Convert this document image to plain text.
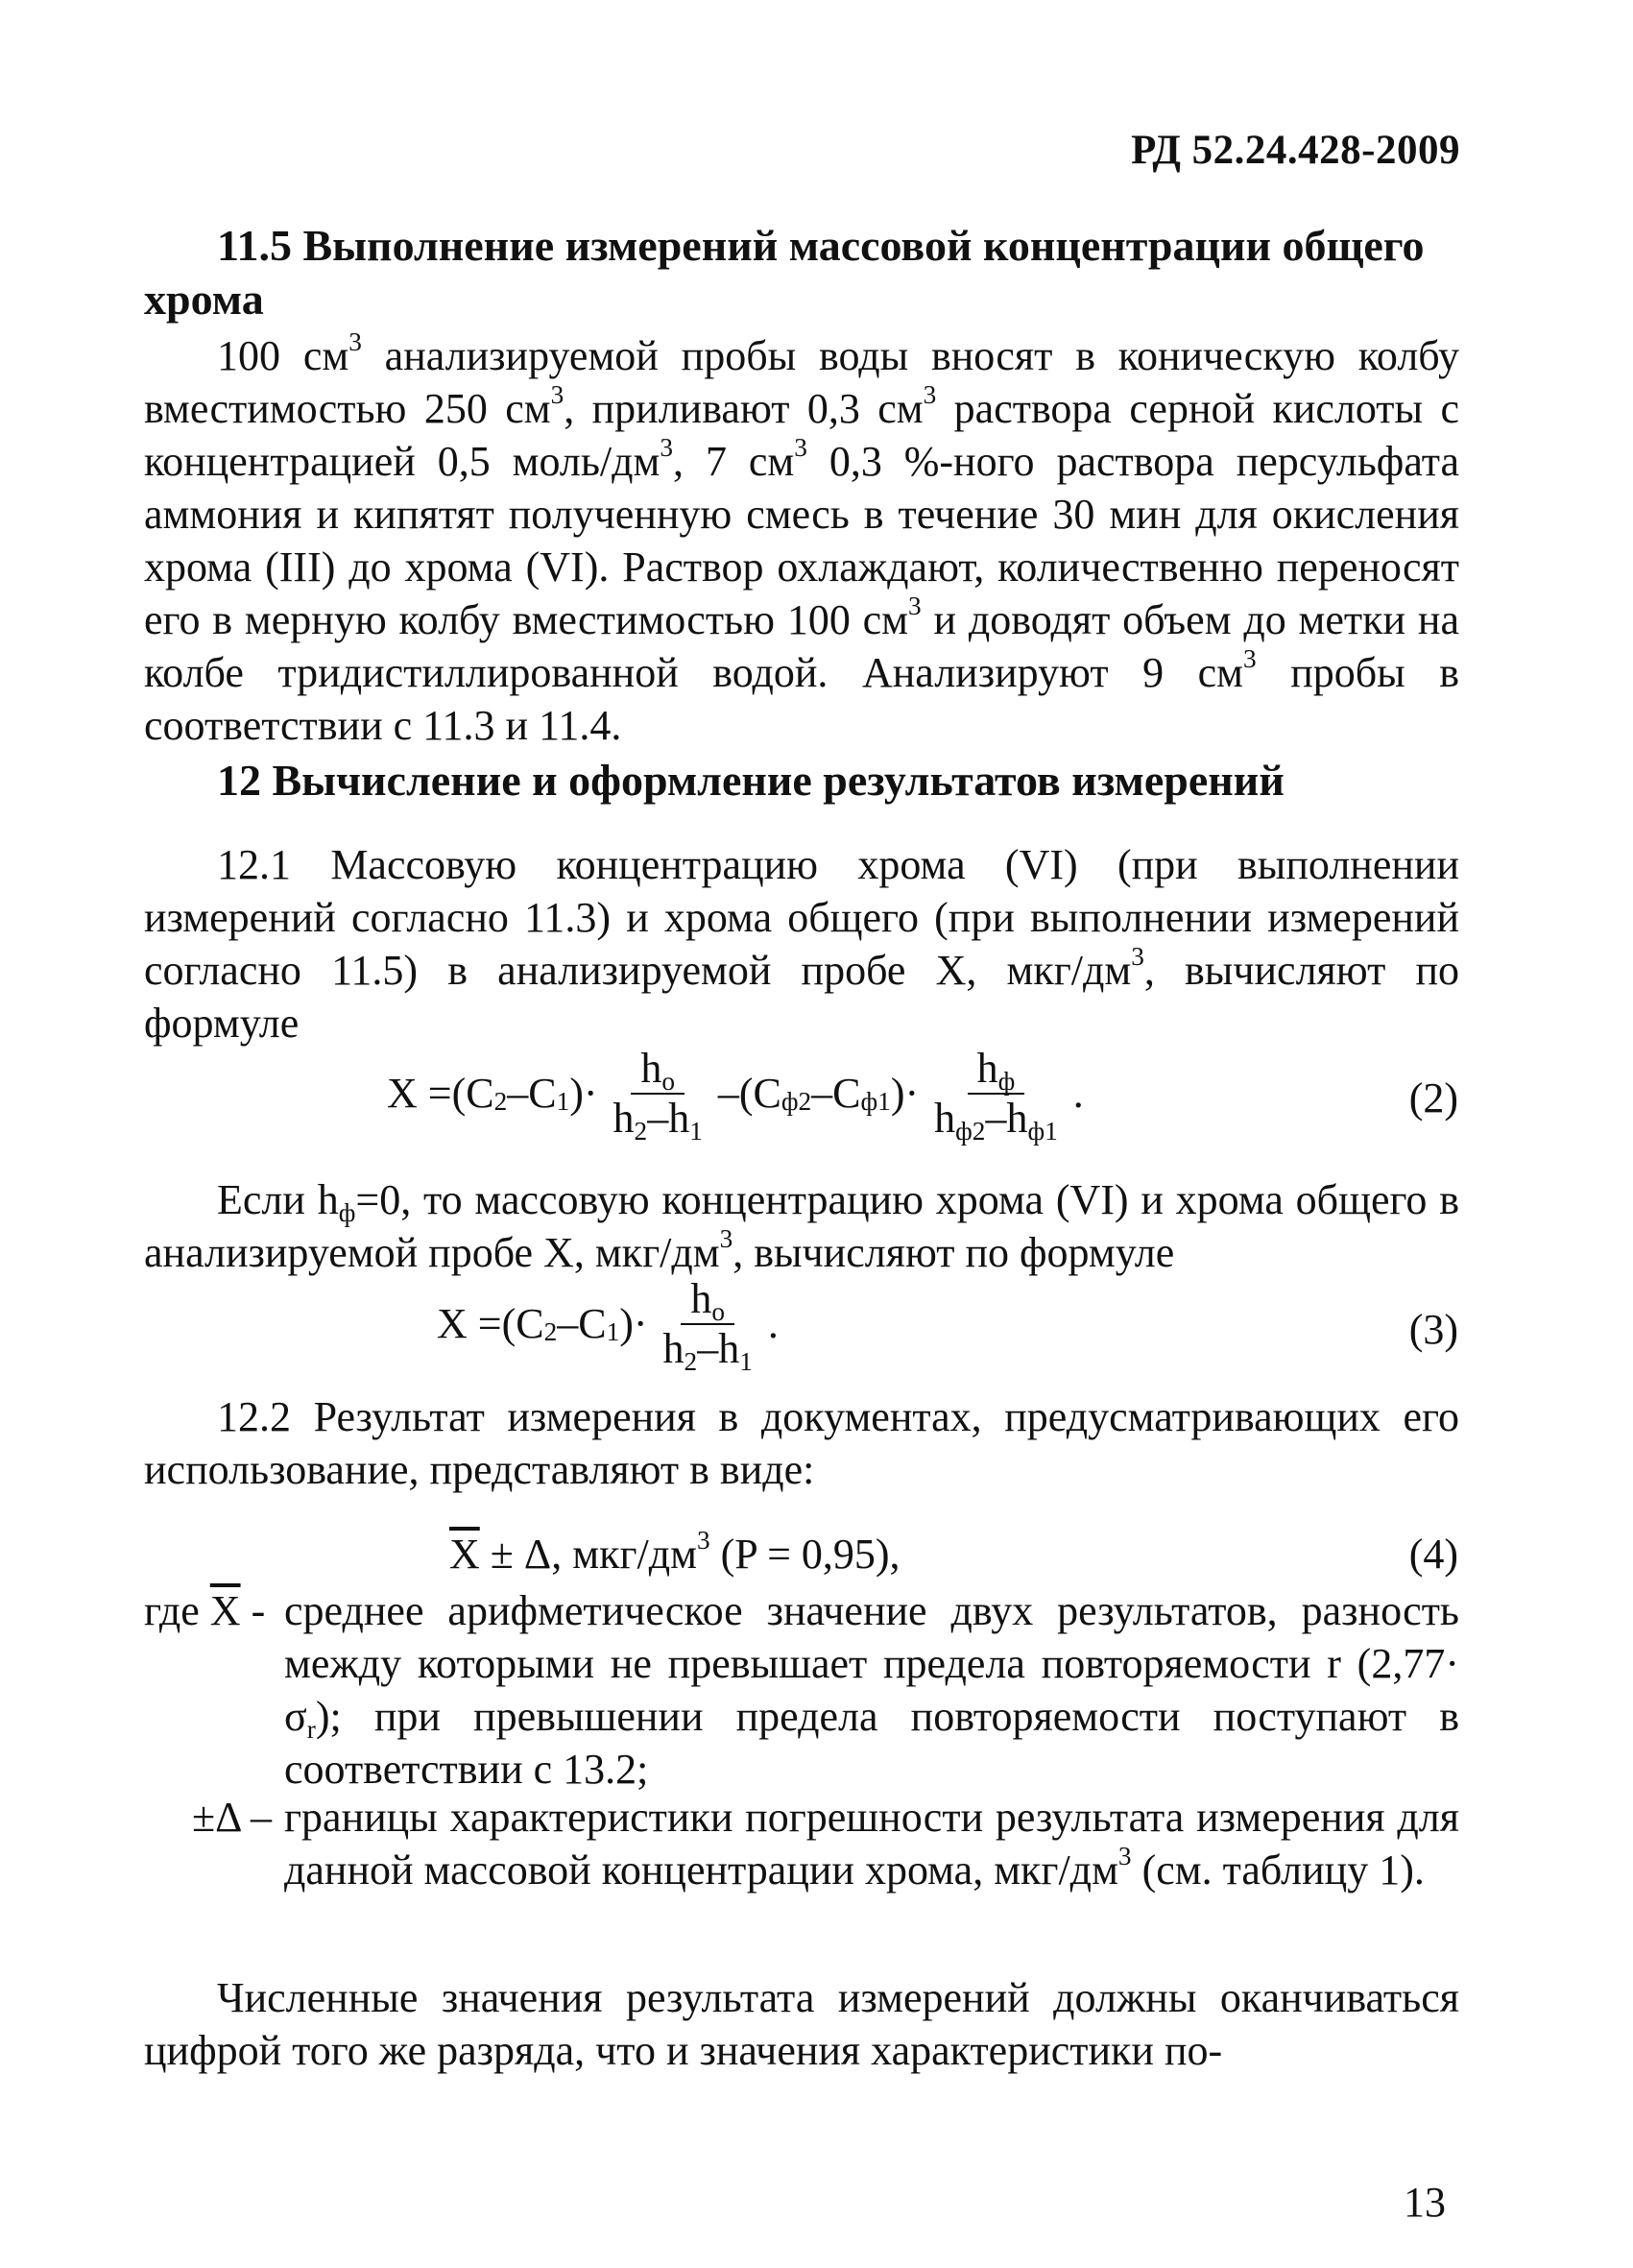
РД 52.24.428-2009
11.5 Выполнение измерений массовой концентрации общего хрома
100 $см^3$ анализируемой пробы воды вносят в коническую колбу вместимостью 250 $см^3$, приливают 0,3 $см^3$ раствора серной кислоты с концентрацией 0,5 моль/$дм^3$, 7 $см^3$ 0,3 %-ного раствора персульфата аммония и кипятят полученную смесь в течение 30 мин для окисления хрома (III) до хрома (VI). Раствор охлаждают, количественно переносят его в мерную колбу вместимостью 100 $см^3$ и доводят объем до метки на колбе тридистиллированной водой. Анализируют 9 $см^3$ пробы в соответствии с 11.3 и 11.4.
12 Вычисление и оформление результатов измерений
12.1 Массовую концентрацию хрома (VI) (при выполнении измерений согласно 11.3) и хрома общего (при выполнении измерений согласно 11.5) в анализируемой пробе X, мкг/$дм^3$, вычисляют по формуле
$X =(C_2$ $-C_1$ )· $\frac{h_o}{h_2-h_1} -(C_{ф2}$ $-C_{ф1}$ )· $\frac{h_ф}{h_{ф2}-h_{ф1}}$ .	(2)
Если $h_ф=0$, то массовую концентрацию хрома (VI) и хрома общего в анализируемой пробе X, мкг/$дм^3$, вычисляют по формуле
$X =(C_2$ $-C_1$ )· $\frac{h_o}{h_2-h_1}$ .	(3)
12.2 Результат измерения в документах, предусматривающих его использование, представляют в виде:
$\overline{X} \pm \Delta$, мкг/$дм^3$ (P = 0,95),	(4)
где $\overline{X}$ - среднее арифметическое значение двух результатов, разность между которыми не превышает предела повторяемости r $(2,77\cdot \sigma_r)$; при превышении предела повторяемости поступают в соответствии с 13.2;
±Δ – границы характеристики погрешности результата измерения для данной массовой концентрации хрома, мкг/$дм^3$ (см. таблицу 1).
Численные значения результата измерений должны оканчиваться цифрой того же разряда, что и значения характеристики по-
13
